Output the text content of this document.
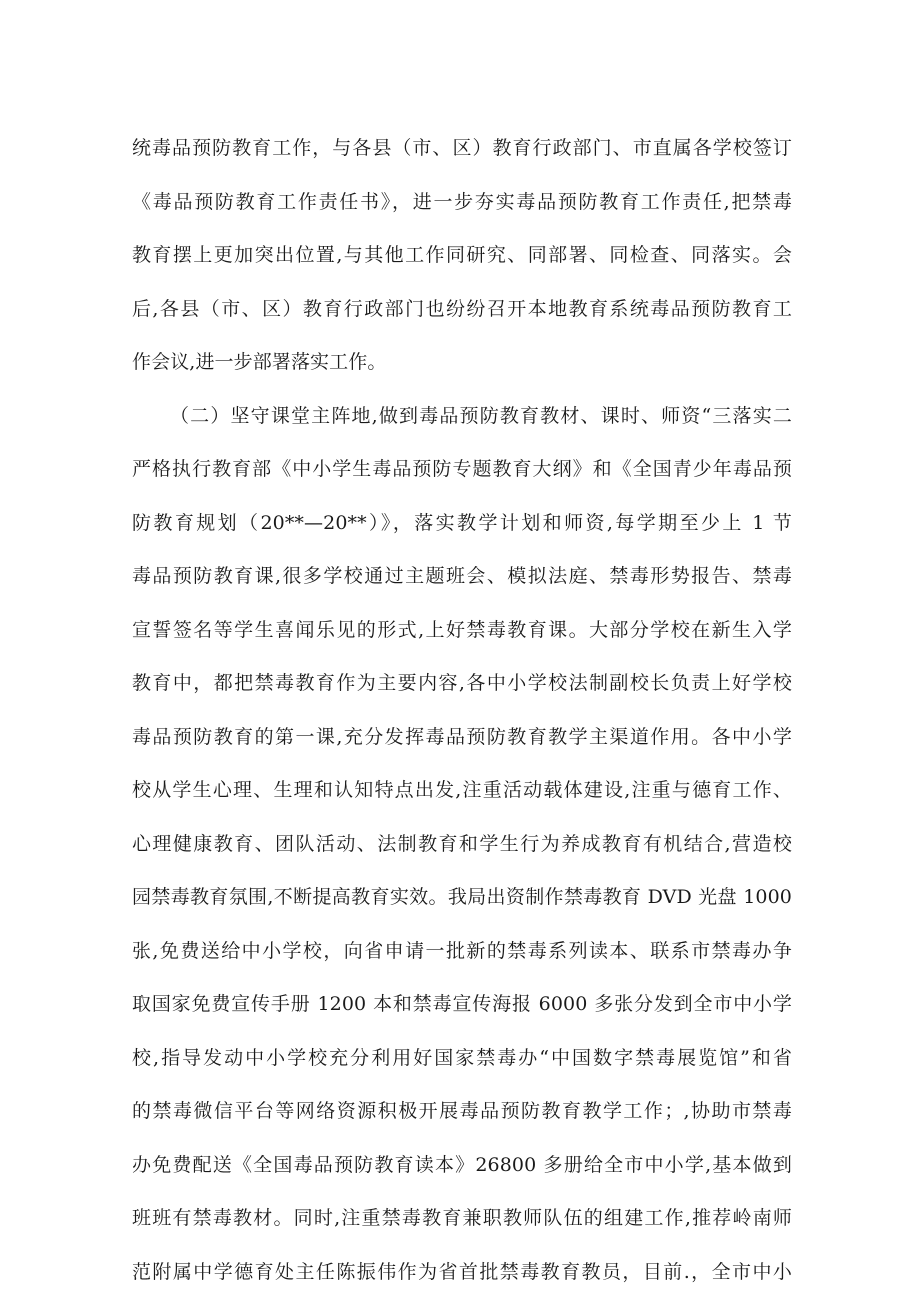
统毒品预防教育工作，与各县（市、区）教育行政部门、市直属各学校签订
《毒品预防教育工作责任书》，进一步夯实毒品预防教育工作责任,把禁毒
教育摆上更加突出位置,与其他工作同研究、同部署、同检查、同落实。会
后,各县（市、区）教育行政部门也纷纷召开本地教育系统毒品预防教育工
作会议,进一步部署落实工作。
（二）坚守课堂主阵地,做到毒品预防教育教材、课时、师资“三落实二
严格执行教育部《中小学生毒品预防专题教育大纲》和《全国青少年毒品预
防教育规划（20**—20**）》，落实教学计划和师资,每学期至少上 1 节
毒品预防教育课,很多学校通过主题班会、模拟法庭、禁毒形势报告、禁毒
宣誓签名等学生喜闻乐见的形式,上好禁毒教育课。大部分学校在新生入学
教育中，都把禁毒教育作为主要内容,各中小学校法制副校长负责上好学校
毒品预防教育的第一课,充分发挥毒品预防教育教学主渠道作用。各中小学
校从学生心理、生理和认知特点出发,注重活动载体建设,注重与德育工作、
心理健康教育、团队活动、法制教育和学生行为养成教育有机结合,营造校
园禁毒教育氛围,不断提高教育实效。我局出资制作禁毒教育 DVD 光盘 1000
张,免费送给中小学校，向省申请一批新的禁毒系列读本、联系市禁毒办争
取国家免费宣传手册 1200 本和禁毒宣传海报 6000 多张分发到全市中小学
校,指导发动中小学校充分利用好国家禁毒办“中国数字禁毒展览馆”和省
的禁毒微信平台等网络资源积极开展毒品预防教育教学工作；,协助市禁毒
办免费配送《全国毒品预防教育读本》26800 多册给全市中小学,基本做到
班班有禁毒教材。同时,注重禁毒教育兼职教师队伍的组建工作,推荐岭南师
范附属中学德育处主任陈振伟作为省首批禁毒教育教员，目前.，全市中小
